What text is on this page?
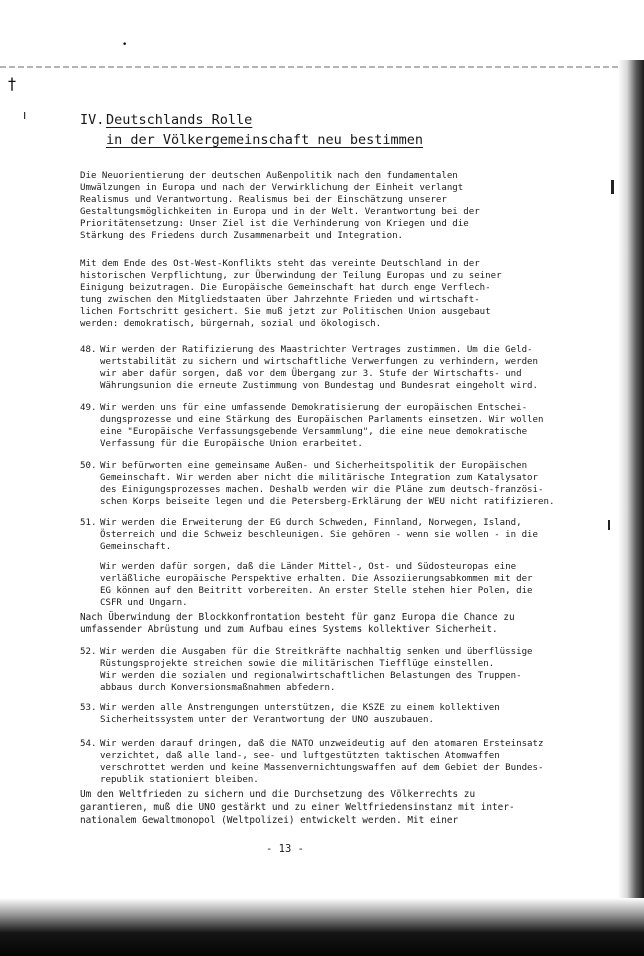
†
ı
•
IV. Deutschlands Rolle
in der Völkergemeinschaft neu bestimmen
Die Neuorientierung der deutschen Außenpolitik nach den fundamentalen
Umwälzungen in Europa und nach der Verwirklichung der Einheit verlangt
Realismus und Verantwortung. Realismus bei der Einschätzung unserer
Gestaltungsmöglichkeiten in Europa und in der Welt. Verantwortung bei der
Prioritätensetzung: Unser Ziel ist die Verhinderung von Kriegen und die
Stärkung des Friedens durch Zusammenarbeit und Integration.
Mit dem Ende des Ost-West-Konflikts steht das vereinte Deutschland in der
historischen Verpflichtung, zur Überwindung der Teilung Europas und zu seiner
Einigung beizutragen. Die Europäische Gemeinschaft hat durch enge Verflech-
tung zwischen den Mitgliedstaaten über Jahrzehnte Frieden und wirtschaft-
lichen Fortschritt gesichert. Sie muß jetzt zur Politischen Union ausgebaut
werden: demokratisch, bürgernah, sozial und ökologisch.
48. Wir werden der Ratifizierung des Maastrichter Vertrages zustimmen. Um die Geld-
wertstabilität zu sichern und wirtschaftliche Verwerfungen zu verhindern, werden
wir aber dafür sorgen, daß vor dem Übergang zur 3. Stufe der Wirtschafts- und
Währungsunion die erneute Zustimmung von Bundestag und Bundesrat eingeholt wird.
49. Wir werden uns für eine umfassende Demokratisierung der europäischen Entschei-
dungsprozesse und eine Stärkung des Europäischen Parlaments einsetzen. Wir wollen
eine "Europäische Verfassungsgebende Versammlung", die eine neue demokratische
Verfassung für die Europäische Union erarbeitet.
50. Wir befürworten eine gemeinsame Außen- und Sicherheitspolitik der Europäischen
Gemeinschaft. Wir werden aber nicht die militärische Integration zum Katalysator
des Einigungsprozesses machen. Deshalb werden wir die Pläne zum deutsch-französi-
schen Korps beiseite legen und die Petersberg-Erklärung der WEU nicht ratifizieren.
51. Wir werden die Erweiterung der EG durch Schweden, Finnland, Norwegen, Island,
Österreich und die Schweiz beschleunigen. Sie gehören - wenn sie wollen - in die
Gemeinschaft.
Wir werden dafür sorgen, daß die Länder Mittel-, Ost- und Südosteuropas eine
verläßliche europäische Perspektive erhalten. Die Assoziierungsabkommen mit der
EG können auf den Beitritt vorbereiten. An erster Stelle stehen hier Polen, die
CSFR und Ungarn.
Nach Überwindung der Blockkonfrontation besteht für ganz Europa die Chance zu
umfassender Abrüstung und zum Aufbau eines Systems kollektiver Sicherheit.
52. Wir werden die Ausgaben für die Streitkräfte nachhaltig senken und überflüssige
Rüstungsprojekte streichen sowie die militärischen Tiefflüge einstellen.
Wir werden die sozialen und regionalwirtschaftlichen Belastungen des Truppen-
abbaus durch Konversionsmaßnahmen abfedern.
53. Wir werden alle Anstrengungen unterstützen, die KSZE zu einem kollektiven
Sicherheitssystem unter der Verantwortung der UNO auszubauen.
54. Wir werden darauf dringen, daß die NATO unzweideutig auf den atomaren Ersteinsatz
verzichtet, daß alle land-, see- und luftgestützten taktischen Atomwaffen
verschrottet werden und keine Massenvernichtungswaffen auf dem Gebiet der Bundes-
republik stationiert bleiben.
Um den Weltfrieden zu sichern und die Durchsetzung des Völkerrechts zu
garantieren, muß die UNO gestärkt und zu einer Weltfriedensinstanz mit inter-
nationalem Gewaltmonopol (Weltpolizei) entwickelt werden. Mit einer
- 13 -
